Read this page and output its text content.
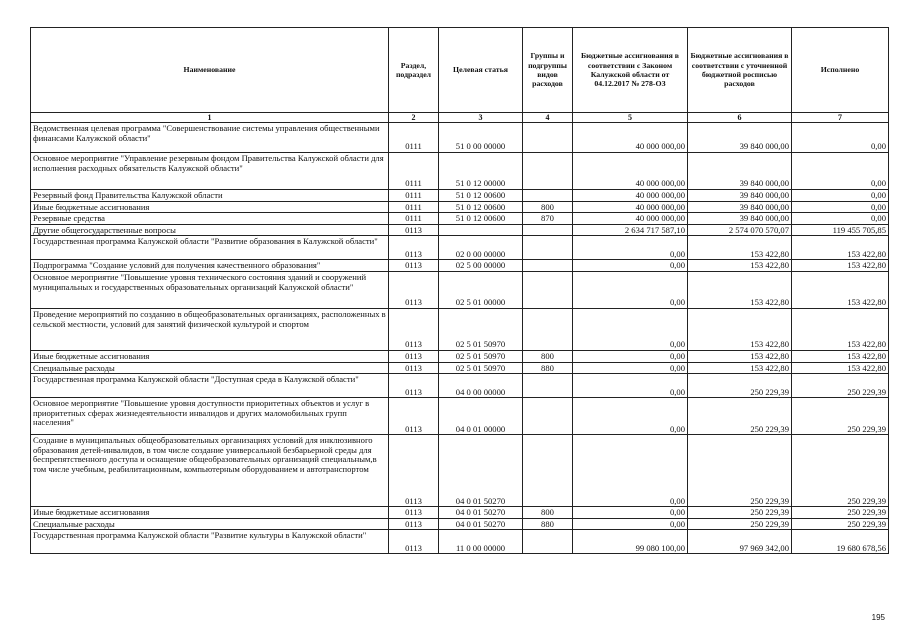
Наименование	Раздел, подраздел	Целевая статья	Группы и подгруппы видов расходов	Бюджетные ассигнования в соответствии с Законом Калужской области от 04.12.2017 № 278-ОЗ	Бюджетные ассигнования в соответствии с уточненной бюджетной росписью расходов	Исполнено
1	2	3	4	5	6	7
Ведомственная целевая программа "Совершенствование системы управления общественными финансами Калужской области"	0111	51 0 00 00000		40 000 000,00	39 840 000,00	0,00
Основное мероприятие "Управление резервным фондом Правительства Калужской области для исполнения расходных обязательств Калужской области"	0111	51 0 12 00000		40 000 000,00	39 840 000,00	0,00
Резервный фонд Правительства Калужской области	0111	51 0 12 00600		40 000 000,00	39 840 000,00	0,00
Иные бюджетные ассигнования	0111	51 0 12 00600	800	40 000 000,00	39 840 000,00	0,00
Резервные средства	0111	51 0 12 00600	870	40 000 000,00	39 840 000,00	0,00
Другие общегосударственные вопросы	0113			2 634 717 587,10	2 574 070 570,07	119 455 705,85
Государственная программа Калужской области "Развитие образования в Калужской области"	0113	02 0 00 00000		0,00	153 422,80	153 422,80
Подпрограмма "Создание условий для получения качественного образования"	0113	02 5 00 00000		0,00	153 422,80	153 422,80
Основное мероприятие "Повышение уровня технического состояния зданий и сооружений муниципальных и государственных образовательных организаций Калужской области"	0113	02 5 01 00000		0,00	153 422,80	153 422,80
Проведение мероприятий по созданию в общеобразовательных организациях, расположенных в сельской местности, условий для занятий физической культурой и спортом	0113	02 5 01 50970		0,00	153 422,80	153 422,80
Иные бюджетные ассигнования	0113	02 5 01 50970	800	0,00	153 422,80	153 422,80
Специальные расходы	0113	02 5 01 50970	880	0,00	153 422,80	153 422,80
Государственная программа Калужской области "Доступная среда в Калужской области"	0113	04 0 00 00000		0,00	250 229,39	250 229,39
Основное мероприятие "Повышение уровня доступности приоритетных объектов и услуг в приоритетных сферах жизнедеятельности инвалидов и других маломобильных групп населения"	0113	04 0 01 00000		0,00	250 229,39	250 229,39
Создание в муниципальных общеобразовательных организациях условий для инклюзивного образования детей-инвалидов, в том числе создание универсальной безбарьерной среды для беспрепятственного доступа и оснащение общеобразовательных организаций специальным,в том числе учебным, реабилитационным, компьютерным оборудованием и автотранспортом	0113	04 0 01 50270		0,00	250 229,39	250 229,39
Иные бюджетные ассигнования	0113	04 0 01 50270	800	0,00	250 229,39	250 229,39
Специальные расходы	0113	04 0 01 50270	880	0,00	250 229,39	250 229,39
Государственная программа Калужской области "Развитие культуры в Калужской области"	0113	11 0 00 00000		99 080 100,00	97 969 342,00	19 680 678,56
195
